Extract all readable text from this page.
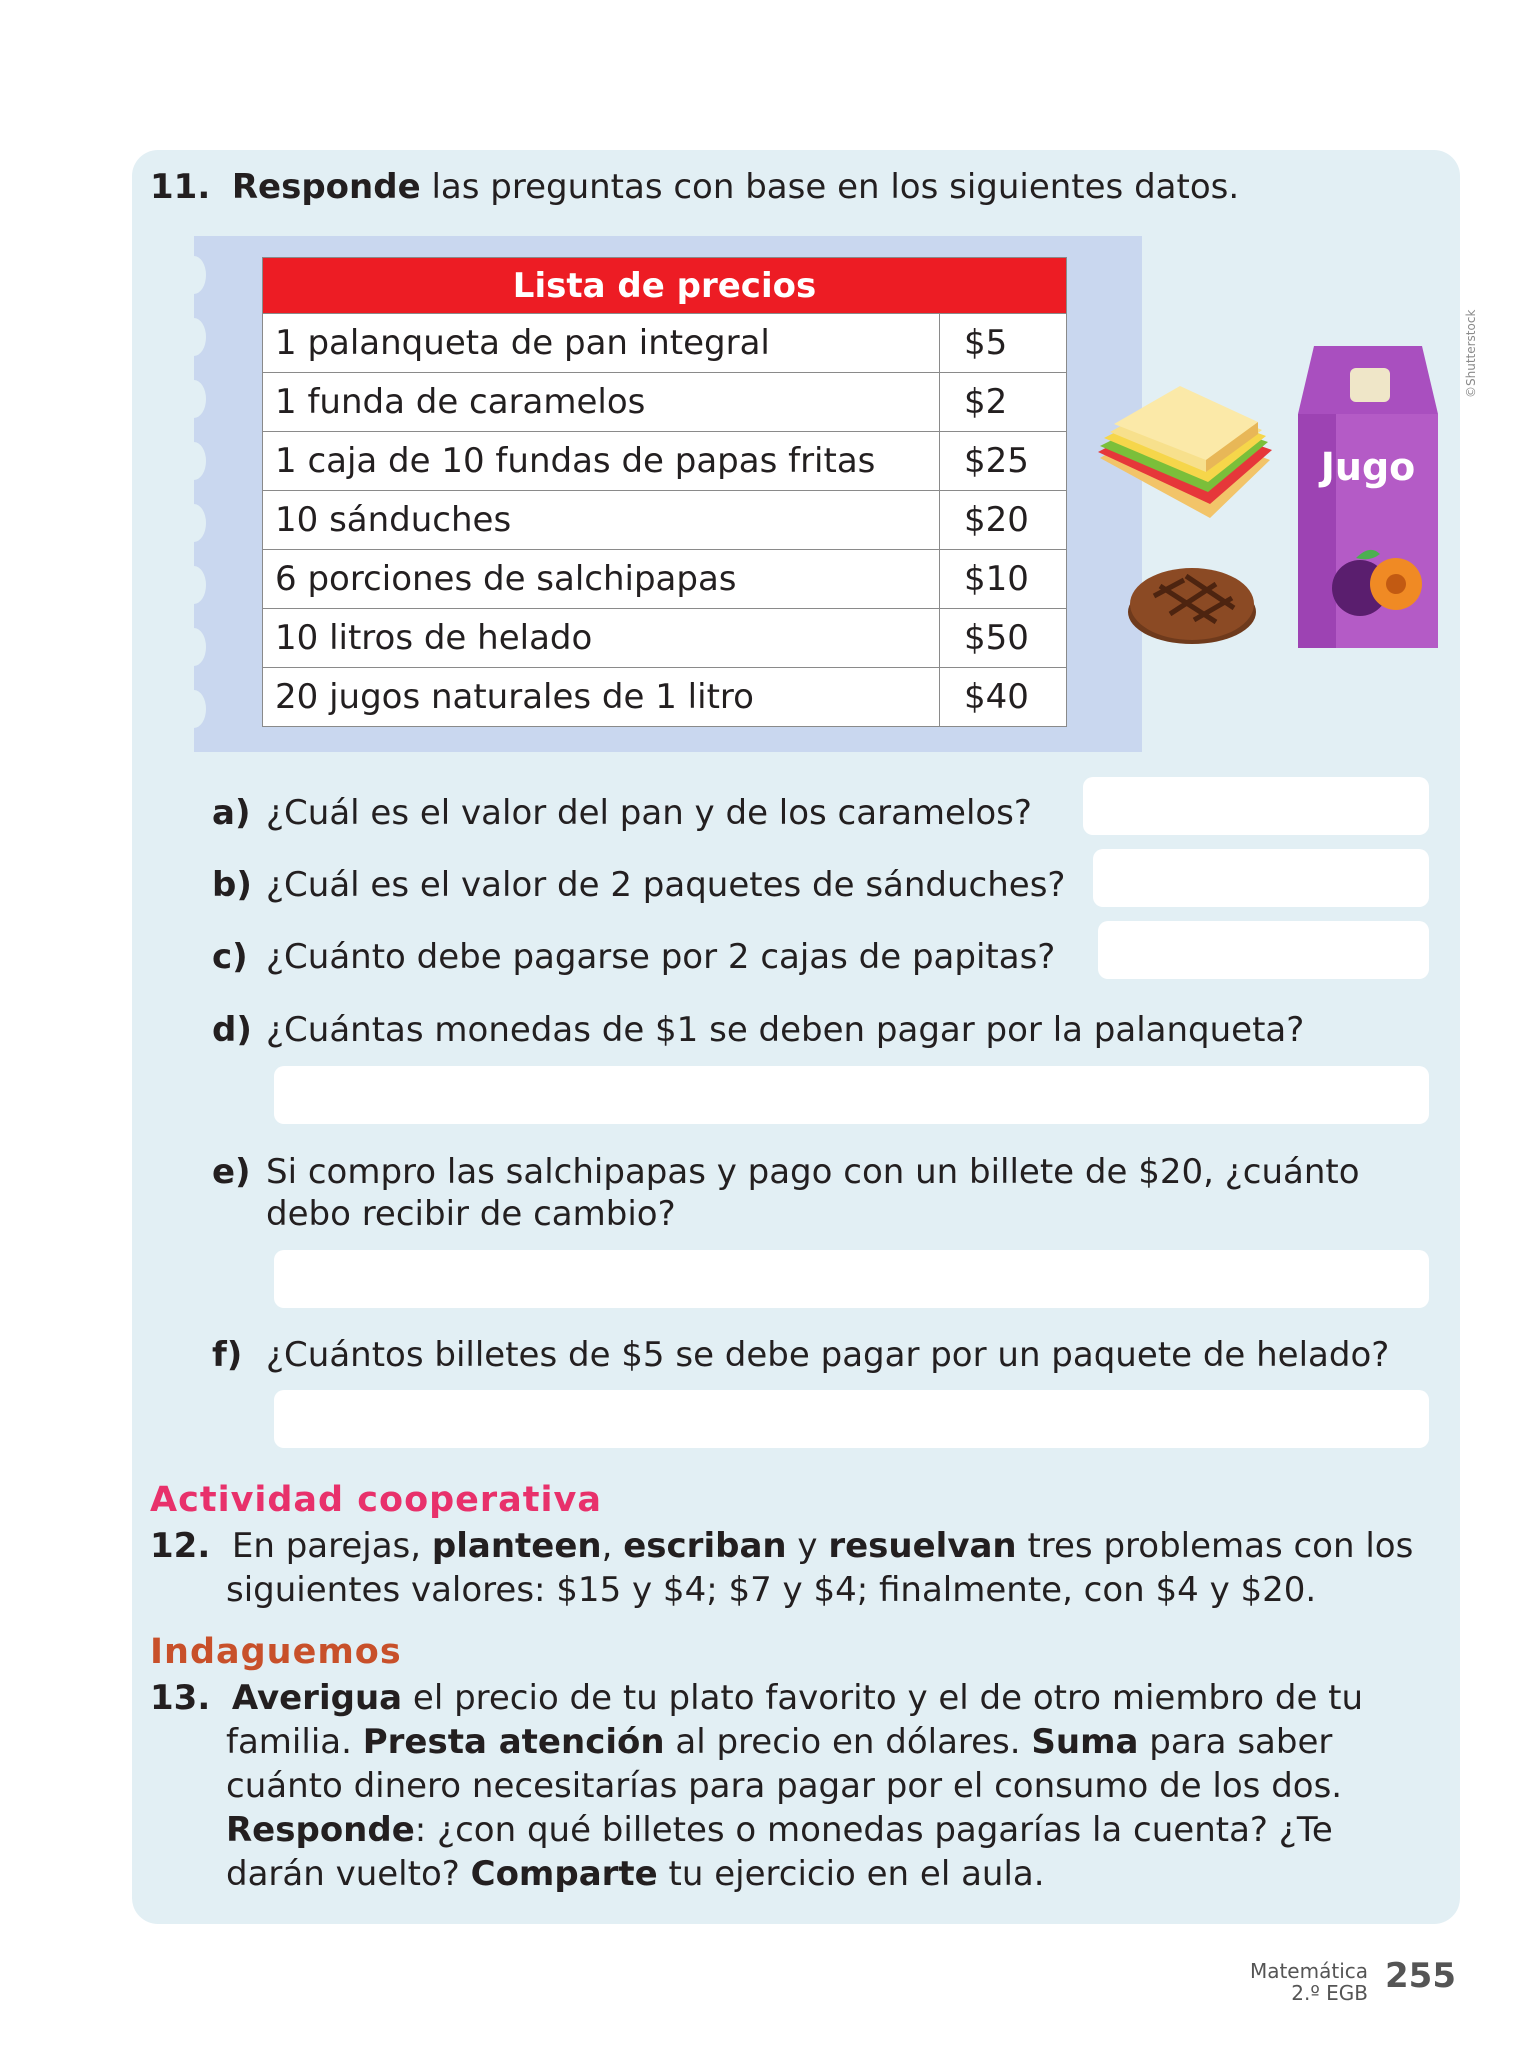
11. Responde las preguntas con base en los siguientes datos.
Lista de precios	
1 palanqueta de pan integral	$5
1 funda de caramelos	$2
1 caja de 10 fundas de papas fritas	$25
10 sánduches	$20
6 porciones de salchipapas	$10
10 litros de helado	$50
20 jugos naturales de 1 litro	$40
Jugo
©Shutterstock
a) ¿Cuál es el valor del pan y de los caramelos?
b) ¿Cuál es el valor de 2 paquetes de sánduches?
c) ¿Cuánto debe pagarse por 2 cajas de papitas?
d) ¿Cuántas monedas de $1 se deben pagar por la palanqueta?
e) Si compro las salchipapas y pago con un billete de $20, ¿cuánto
debo recibir de cambio?
f) ¿Cuántos billetes de $5 se debe pagar por un paquete de helado?
Actividad cooperativa
12. En parejas, planteen, escriban y resuelvan tres problemas con los
siguientes valores: $15 y $4; $7 y $4; finalmente, con $4 y $20.
Indaguemos
13. Averigua el precio de tu plato favorito y el de otro miembro de tu
familia. Presta atención al precio en dólares. Suma para saber
cuánto dinero necesitarías para pagar por el consumo de los dos.
Responde: ¿con qué billetes o monedas pagarías la cuenta? ¿Te
darán vuelto? Comparte tu ejercicio en el aula.
Matemática
2.º EGB 255
